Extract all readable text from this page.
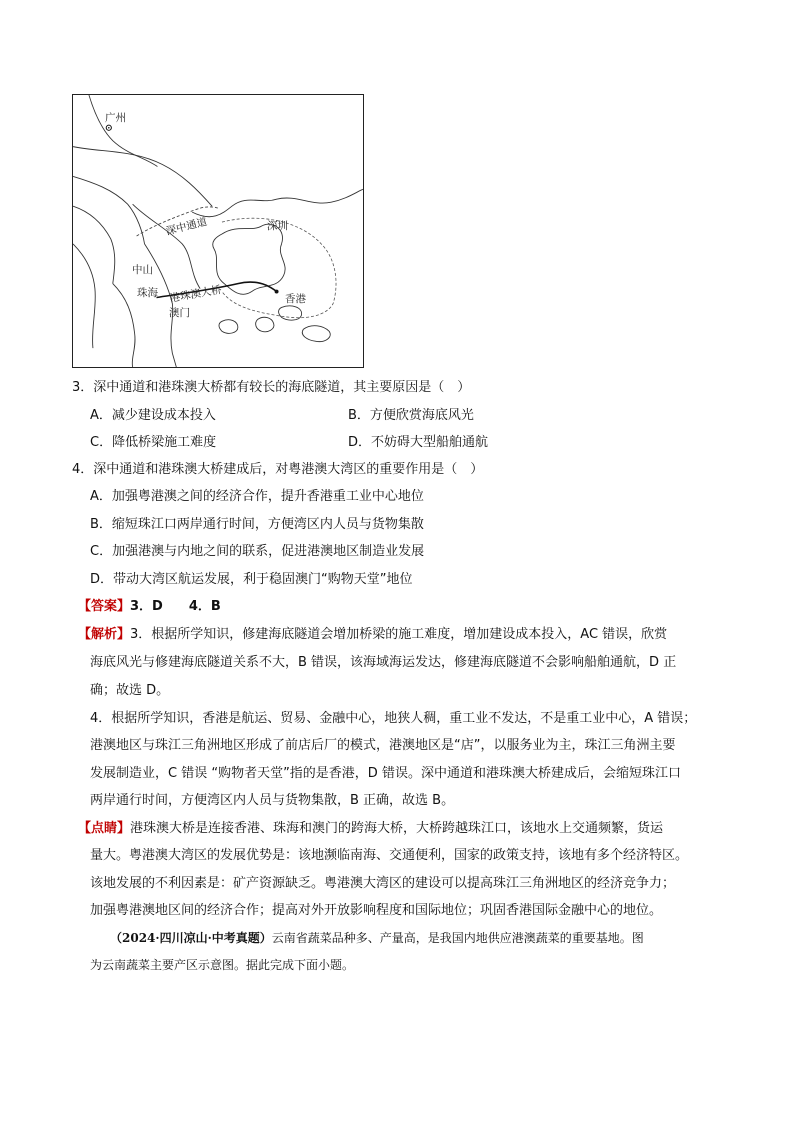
广州
深圳
深中通道
中山
珠海 港珠澳大桥
澳门
香港
3．深中通道和港珠澳大桥都有较长的海底隧道，其主要原因是（　）
A．减少建设成本投入	B．方便欣赏海底风光
C．降低桥梁施工难度	D．不妨碍大型船舶通航
4．深中通道和港珠澳大桥建成后，对粤港澳大湾区的重要作用是（　）
A．加强粤港澳之间的经济合作，提升香港重工业中心地位
B．缩短珠江口两岸通行时间，方便湾区内人员与货物集散
C．加强港澳与内地之间的联系，促进港澳地区制造业发展
D．带动大湾区航运发展，利于稳固澳门“购物天堂”地位
【答案】3．D　　4．B
【解析】3．根据所学知识，修建海底隧道会增加桥梁的施工难度，增加建设成本投入，AC 错误，欣赏
海底风光与修建海底隧道关系不大，B 错误，该海域海运发达，修建海底隧道不会影响船舶通航，D 正
确；故选 D。
4．根据所学知识，香港是航运、贸易、金融中心，地狭人稠，重工业不发达，不是重工业中心，A 错误；
港澳地区与珠江三角洲地区形成了前店后厂的模式，港澳地区是“店”，以服务业为主，珠江三角洲主要
发展制造业，C 错误 “购物者天堂”指的是香港，D 错误。深中通道和港珠澳大桥建成后，会缩短珠江口
两岸通行时间，方便湾区内人员与货物集散，B 正确，故选 B。
【点睛】港珠澳大桥是连接香港、珠海和澳门的跨海大桥，大桥跨越珠江口，该地水上交通频繁，货运
量大。粤港澳大湾区的发展优势是：该地濒临南海、交通便利，国家的政策支持，该地有多个经济特区。
该地发展的不利因素是：矿产资源缺乏。粤港澳大湾区的建设可以提高珠江三角洲地区的经济竞争力；
加强粤港澳地区间的经济合作；提高对外开放影响程度和国际地位；巩固香港国际金融中心的地位。
（2024·四川凉山·中考真题）云南省蔬菜品种多、产量高，是我国内地供应港澳蔬菜的重要基地。图
为云南蔬菜主要产区示意图。据此完成下面小题。
